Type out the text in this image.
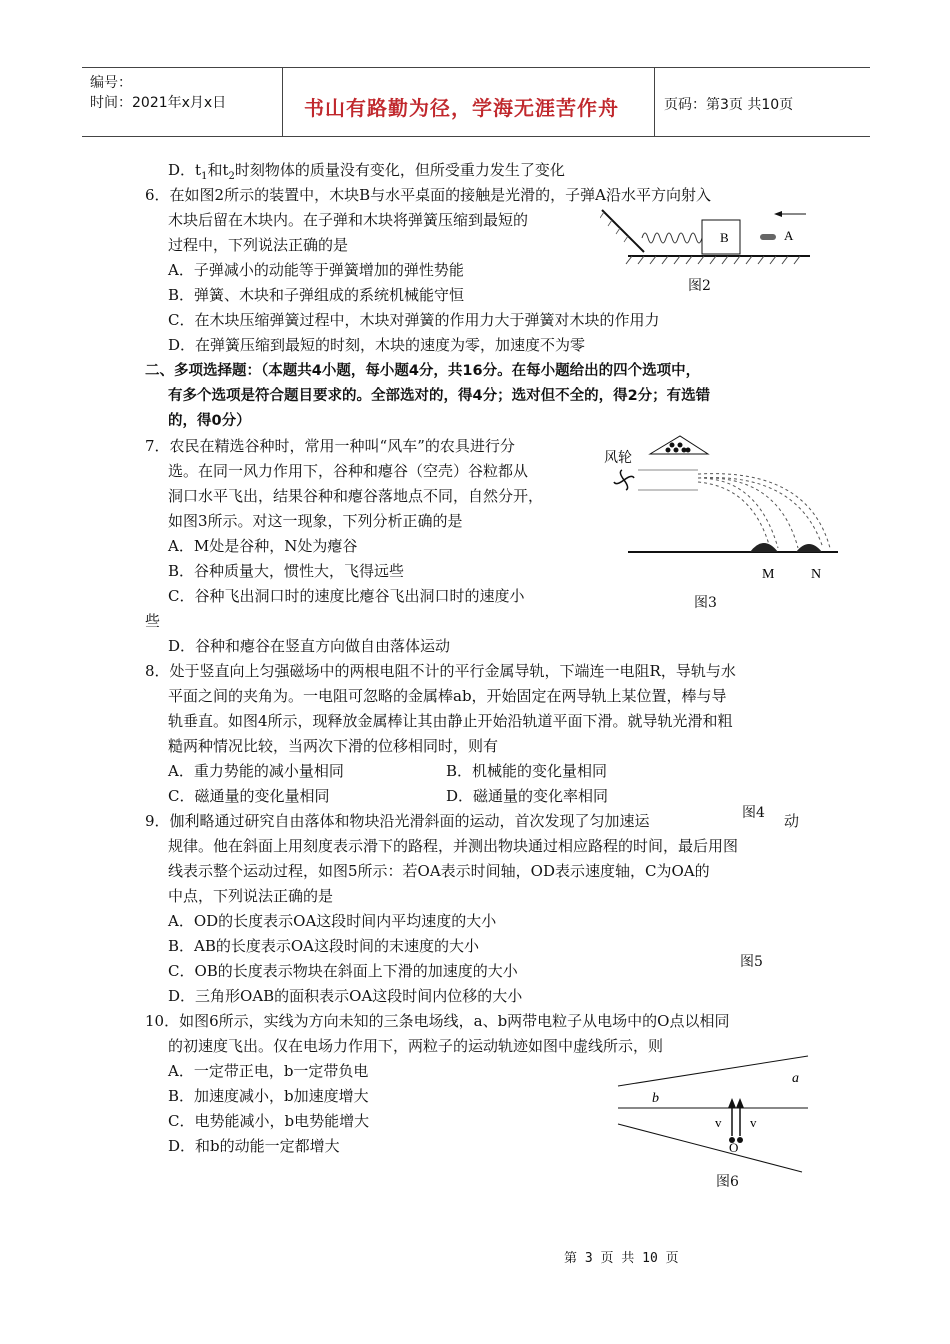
编号：
时间：2021年x月x日	书山有路勤为径，学海无涯苦作舟	页码：第3页 共10页
D．$t_1$和$t_2$时刻物体的质量没有变化，但所受重力发生了变化
6．在如图2所示的装置中，木块B与水平桌面的接触是光滑的，子弹A沿水平方向射入
木块后留在木块内。在子弹和木块将弹簧压缩到最短的
过程中，下列说法正确的是
A．子弹减小的动能等于弹簧增加的弹性势能
B．弹簧、木块和子弹组成的系统机械能守恒
C．在木块压缩弹簧过程中，木块对弹簧的作用力大于弹簧对木块的作用力
D．在弹簧压缩到最短的时刻，木块的速度为零，加速度不为零
二、多项选择题：（本题共4小题，每小题4分，共16分。在每小题给出的四个选项中，
有多个选项是符合题目要求的。全部选对的，得4分；选对但不全的，得2分；有选错
的，得0分）
7．农民在精选谷种时，常用一种叫“风车”的农具进行分
选。在同一风力作用下，谷种和瘪谷（空壳）谷粒都从
洞口水平飞出，结果谷种和瘪谷落地点不同，自然分开，
如图3所示。对这一现象，下列分析正确的是
A．M处是谷种，N处为瘪谷
B．谷种质量大，惯性大，飞得远些
C．谷种飞出洞口时的速度比瘪谷飞出洞口时的速度小
些
D．谷种和瘪谷在竖直方向做自由落体运动
8．处于竖直向上匀强磁场中的两根电阻不计的平行金属导轨，下端连一电阻R，导轨与水
平面之间的夹角为。一电阻可忽略的金属棒ab，开始固定在两导轨上某位置，棒与导
轨垂直。如图4所示，现释放金属棒让其由静止开始沿轨道平面下滑。就导轨光滑和粗
糙两种情况比较，当两次下滑的位移相同时，则有
A．重力势能的减小量相同	B．机械能的变化量相同
C．磁通量的变化量相同	D．磁通量的变化率相同
9．伽利略通过研究自由落体和物块沿光滑斜面的运动，首次发现了匀加速运	动
规律。他在斜面上用刻度表示滑下的路程，并测出物块通过相应路程的时间，最后用图
线表示整个运动过程，如图5所示：若OA表示时间轴，OD表示速度轴，C为OA的
中点，下列说法正确的是
A．OD的长度表示OA这段时间内平均速度的大小
B．AB的长度表示OA这段时间的末速度的大小
C．OB的长度表示物块在斜面上下滑的加速度的大小
D．三角形OAB的面积表示OA这段时间内位移的大小
10．如图6所示，实线为方向未知的三条电场线，a、b两带电粒子从电场中的O点以相同
的初速度飞出。仅在电场力作用下，两粒子的运动轨迹如图中虚线所示，则
A．一定带正电，b一定带负电
B．加速度减小，b加速度增大
C．电势能减小，b电势能增大
D．和b的动能一定都增大
B	A
图2
风轮
M	N
图3
图4
图5
a
b
v v
O
图6
第 3 页 共 10 页
